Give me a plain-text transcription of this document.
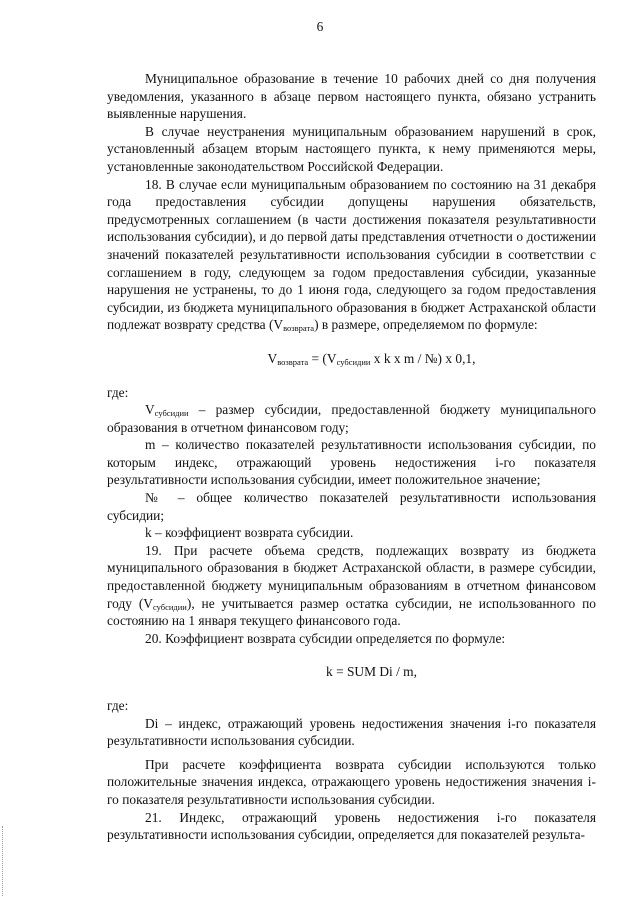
6

Муниципальное образование в течение 10 рабочих дней со дня получения уведомления, указанного в абзаце первом настоящего пункта, обязано устранить выявленные нарушения.

В случае неустранения муниципальным образованием нарушений в срок, установленный абзацем вторым настоящего пункта, к нему применяются меры, установленные законодательством Российской Федерации.

18. В случае если муниципальным образованием по состоянию на 31 декабря года предоставления субсидии допущены нарушения обязательств, предусмотренных соглашением (в части достижения показателя результативности использования субсидии), и до первой даты представления отчетности о достижении значений показателей результативности использования субсидии в соответствии с соглашением в году, следующем за годом предоставления субсидии, указанные нарушения не устранены, то до 1 июня года, следующего за годом предоставления субсидии, из бюджета муниципального образования в бюджет Астраханской области подлежат возврату средства $(V_{возврата})$ в размере, определяемом по формуле:

$V_{возврата} = (V_{субсидии}$ x k x m / №) x 0,1,

где:

$V_{субсидии}$ – размер субсидии, предоставленной бюджету муниципального образования в отчетном финансовом году;

m – количество показателей результативности использования субсидии, по которым индекс, отражающий уровень недостижения i-го показателя результативности использования субсидии, имеет положительное значение;

№ – общее количество показателей результативности использования субсидии;

k – коэффициент возврата субсидии.

19. При расчете объема средств, подлежащих возврату из бюджета муниципального образования в бюджет Астраханской области, в размере субсидии, предоставленной бюджету муниципальным образованиям в отчетном финансовом году $(V_{субсидии})$, не учитывается размер остатка субсидии, не использованного по состоянию на 1 января текущего финансового года.

20. Коэффициент возврата субсидии определяется по формуле:

k = SUM Di / m,

где:

Di – индекс, отражающий уровень недостижения значения i-го показателя результативности использования субсидии.

При расчете коэффициента возврата субсидии используются только положительные значения индекса, отражающего уровень недостижения значения i-го показателя результативности использования субсидии.

21. Индекс, отражающий уровень недостижения i-го показателя результативности использования субсидии, определяется для показателей результа-
